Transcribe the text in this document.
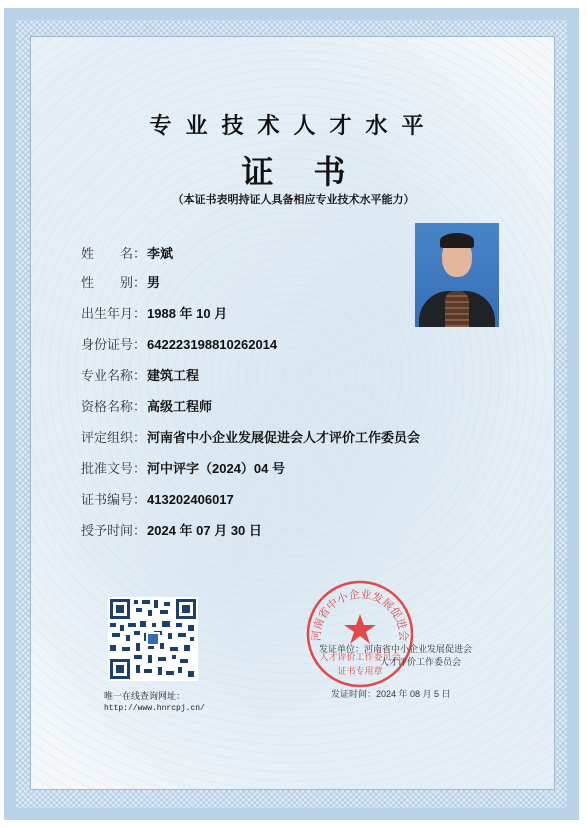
专业技术人才水平
证书
（本证书表明持证人具备相应专业技术水平能力）
姓　　名：李斌
性　　别：男
出生年月：1988 年 10 月
身份证号：642223198810262014
专业名称：建筑工程
资格名称：高级工程师
评定组织：河南省中小企业发展促进会人才评价工作委员会
批准文号：河中评字（2024）04 号
证书编号：413202406017
授予时间：2024 年 07 月 30 日
唯一在线查询网址：
http://www.hnrcpj.cn/
河南省中小企业发展促进会
人才评价工作委员会
证书专用章
发证单位：河南省中小企业发展促进会
人才评价工作委员会
发证时间：2024 年 08 月 5 日
